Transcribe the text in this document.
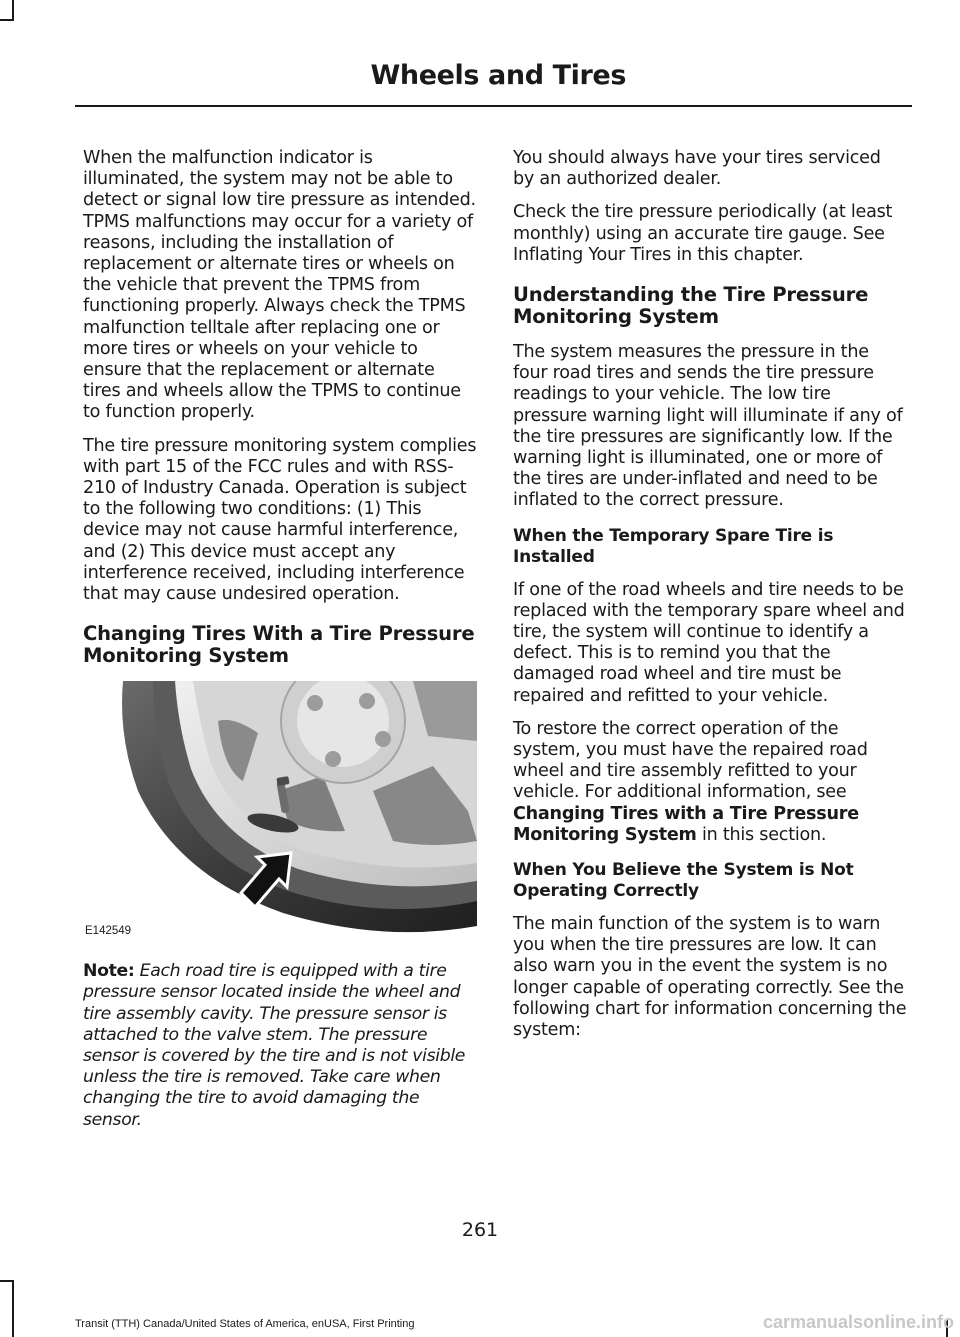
Wheels and Tires

When the malfunction indicator is illuminated, the system may not be able to detect or signal low tire pressure as intended. TPMS malfunctions may occur for a variety of reasons, including the installation of replacement or alternate tires or wheels on the vehicle that prevent the TPMS from functioning properly. Always check the TPMS malfunction telltale after replacing one or more tires or wheels on your vehicle to ensure that the replacement or alternate tires and wheels allow the TPMS to continue to function properly.

The tire pressure monitoring system complies with part 15 of the FCC rules and with RSS-210 of Industry Canada. Operation is subject to the following two conditions: (1) This device may not cause harmful interference, and (2) This device must accept any interference received, including interference that may cause undesired operation.

Changing Tires With a Tire Pressure Monitoring System
E142549

Note: Each road tire is equipped with a tire pressure sensor located inside the wheel and tire assembly cavity. The pressure sensor is attached to the valve stem. The pressure sensor is covered by the tire and is not visible unless the tire is removed. Take care when changing the tire to avoid damaging the sensor.

You should always have your tires serviced by an authorized dealer.

Check the tire pressure periodically (at least monthly) using an accurate tire gauge. See Inflating Your Tires in this chapter.

Understanding the Tire Pressure Monitoring System

The system measures the pressure in the four road tires and sends the tire pressure readings to your vehicle. The low tire pressure warning light will illuminate if any of the tire pressures are significantly low. If the warning light is illuminated, one or more of the tires are under-inflated and need to be inflated to the correct pressure.

When the Temporary Spare Tire is Installed

If one of the road wheels and tire needs to be replaced with the temporary spare wheel and tire, the system will continue to identify a defect. This is to remind you that the damaged road wheel and tire must be repaired and refitted to your vehicle.

To restore the correct operation of the system, you must have the repaired road wheel and tire assembly refitted to your vehicle. For additional information, see Changing Tires with a Tire Pressure Monitoring System in this section.

When You Believe the System is Not Operating Correctly

The main function of the system is to warn you when the tire pressures are low. It can also warn you in the event the system is no longer capable of operating correctly. See the following chart for information concerning the system:

261
Transit (TTH) Canada/United States of America, enUSA, First Printing	carmanualsonline.info
